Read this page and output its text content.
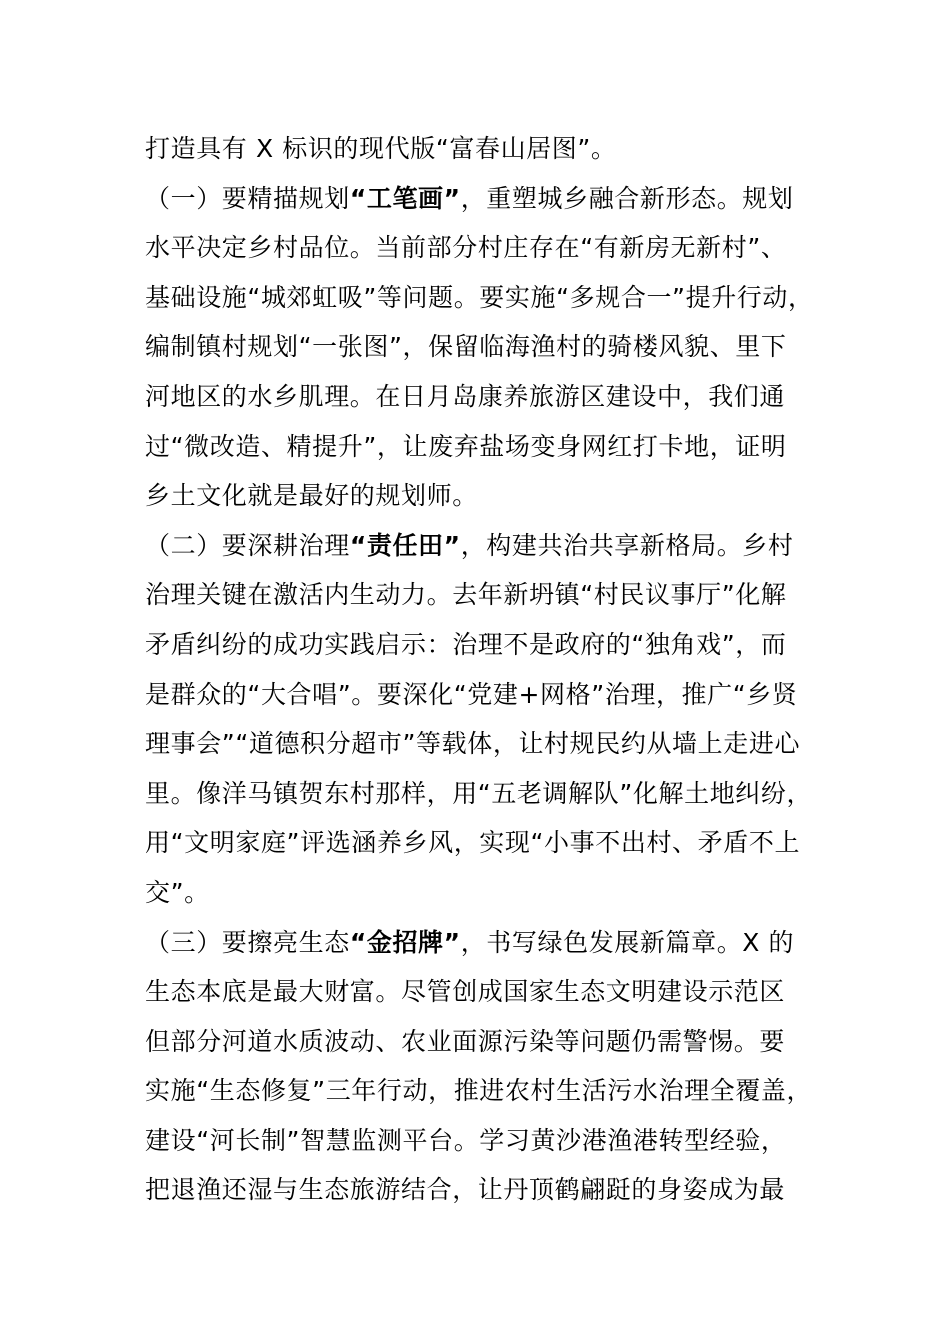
打造具有 X 标识的现代版“富春山居图”。
（一）要精描规划“工笔画”，重塑城乡融合新形态。规划
水平决定乡村品位。当前部分村庄存在“有新房无新村”、
基础设施“城郊虹吸”等问题。要实施“多规合一”提升行动，
编制镇村规划“一张图”，保留临海渔村的骑楼风貌、里下
河地区的水乡肌理。在日月岛康养旅游区建设中，我们通
过“微改造、精提升”，让废弃盐场变身网红打卡地，证明
乡土文化就是最好的规划师。
（二）要深耕治理“责任田”，构建共治共享新格局。乡村
治理关键在激活内生动力。去年新坍镇“村民议事厅”化解
矛盾纠纷的成功实践启示：治理不是政府的“独角戏”，而
是群众的“大合唱”。要深化“党建+网格”治理，推广“乡贤
理事会”“道德积分超市”等载体，让村规民约从墙上走进心
里。像洋马镇贺东村那样，用“五老调解队”化解土地纠纷，
用“文明家庭”评选涵养乡风，实现“小事不出村、矛盾不上
交”。
（三）要擦亮生态“金招牌”，书写绿色发展新篇章。X 的
生态本底是最大财富。尽管创成国家生态文明建设示范区
但部分河道水质波动、农业面源污染等问题仍需警惕。要
实施“生态修复”三年行动，推进农村生活污水治理全覆盖，
建设“河长制”智慧监测平台。学习黄沙港渔港转型经验，
把退渔还湿与生态旅游结合，让丹顶鹤翩跹的身姿成为最
